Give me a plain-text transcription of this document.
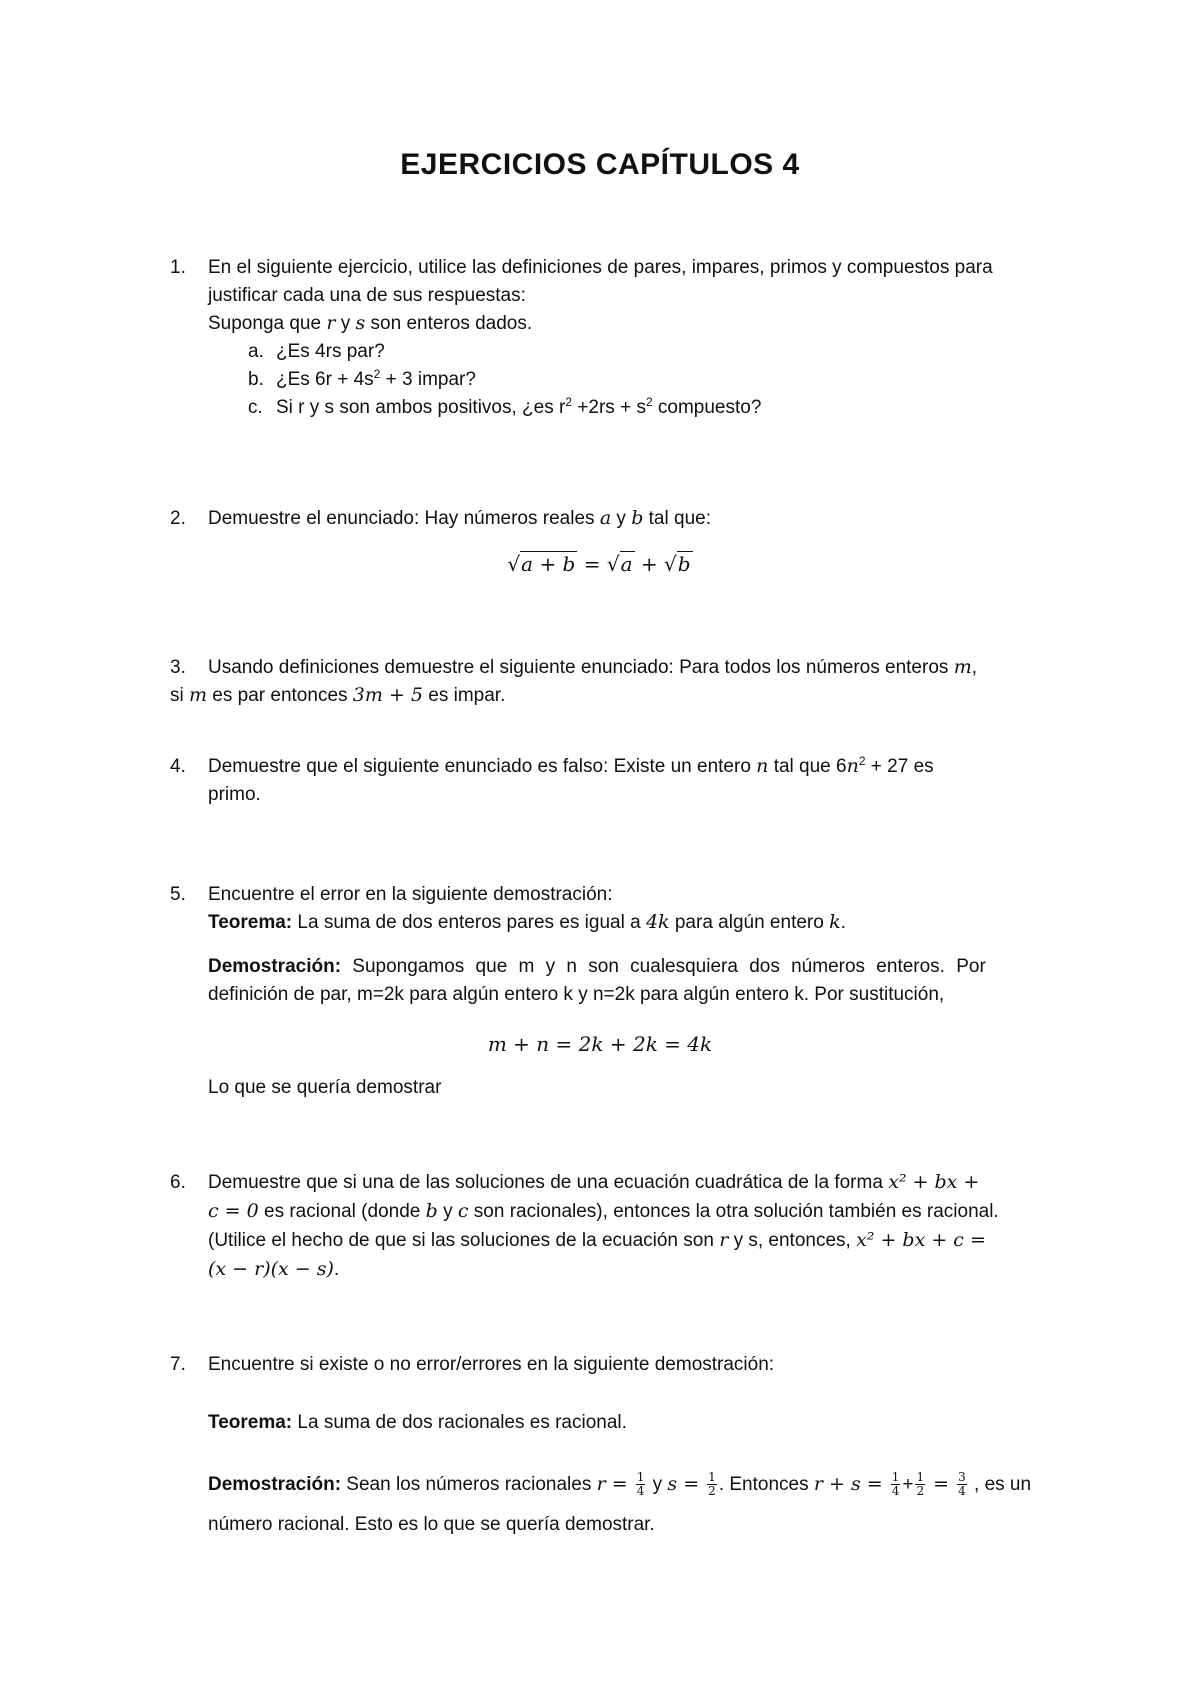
EJERCICIOS CAPÍTULOS 4
1. En el siguiente ejercicio, utilice las definiciones de pares, impares, primos y compuestos para
justificar cada una de sus respuestas:
Suponga que r y s son enteros dados.
a. ¿Es 4rs par?
b. ¿Es $6r + 4s^2 + 3$ impar?
c. Si r y s son ambos positivos, ¿es $r^2 +2rs + s^2$ compuesto?
2. Demuestre el enunciado: Hay números reales a y b tal que:
√a + b = √a + √b
3. Usando definiciones demuestre el siguiente enunciado: Para todos los números enteros m,
si m es par entonces 3m + 5 es impar.
4. Demuestre que el siguiente enunciado es falso: Existe un entero n tal que $6n^2 + 27$ es
primo.
5. Encuentre el error en la siguiente demostración:
Teorema: La suma de dos enteros pares es igual a 4k para algún entero k.
Demostración: Supongamos que m y n son cualesquiera dos números enteros. Por
definición de par, m=2k para algún entero k y n=2k para algún entero k. Por sustitución,
m + n = 2k + 2k = 4k
Lo que se quería demostrar
6. Demuestre que si una de las soluciones de una ecuación cuadrática de la forma x² + bx +
c = 0 es racional (donde b y c son racionales), entonces la otra solución también es racional.
(Utilice el hecho de que si las soluciones de la ecuación son r y s, entonces, x² + bx + c =
(x − r)(x − s).
7. Encuentre si existe o no error/errores en la siguiente demostración:
Teorema: La suma de dos racionales es racional.
Demostración: Sean los números racionales $r = \frac{1}{4}$ y $s = \frac{1}{2}$ . Entonces $r + s = \frac{1}{4} + \frac{1}{2} = \frac{3}{4}$ , es un
número racional. Esto es lo que se quería demostrar.
